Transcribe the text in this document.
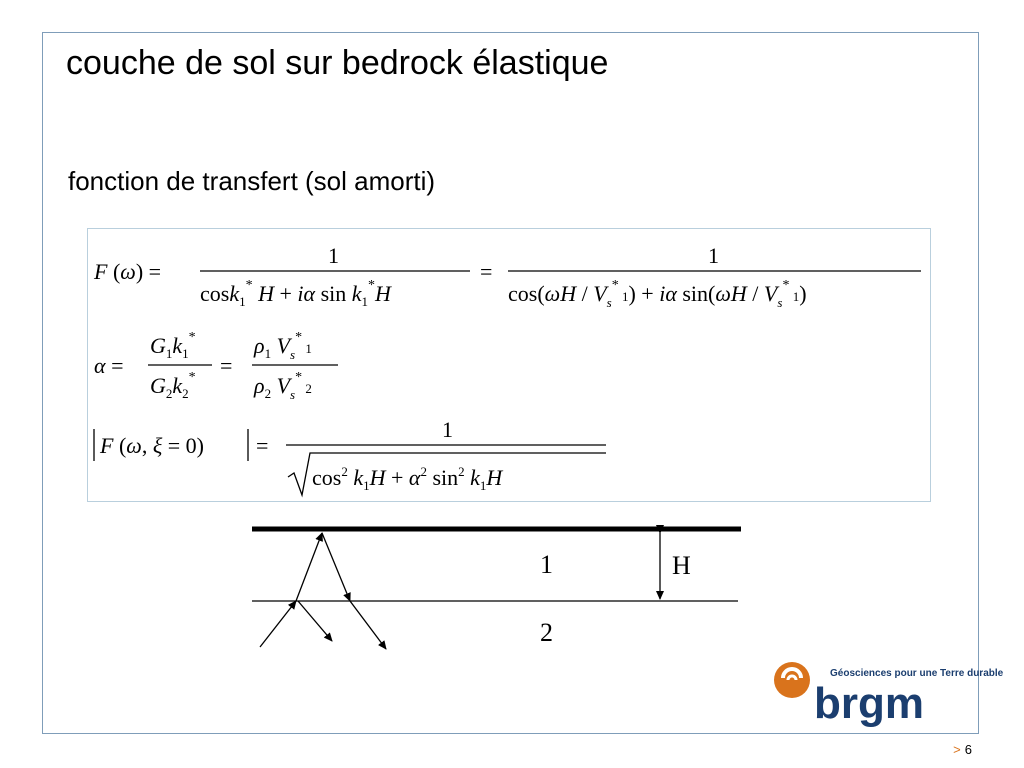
couche de sol sur bedrock élastique
fonction de transfert (sol amorti)
F (ω) =
1
cosk$_1$* H + iα $\sin k_1^*H$
=
1
$\cos(\omega H / V_s^*$ $_1$) + iα $\sin(\omega H / V_s^*$ $_1$)
α =
$G_1k_1^*$
$G_2k_2^*$ =
$\rho_1$ $V_s^*$ $_1$
$\rho_2$ $V_s^*$ $_2$
F (ω, ξ = 0) =
1
$\cos^2 k_1H + \alpha^2$ $\sin^2 k_1H$
1
2
H
Géosciences pour une Terre durable
brgm
> 6
